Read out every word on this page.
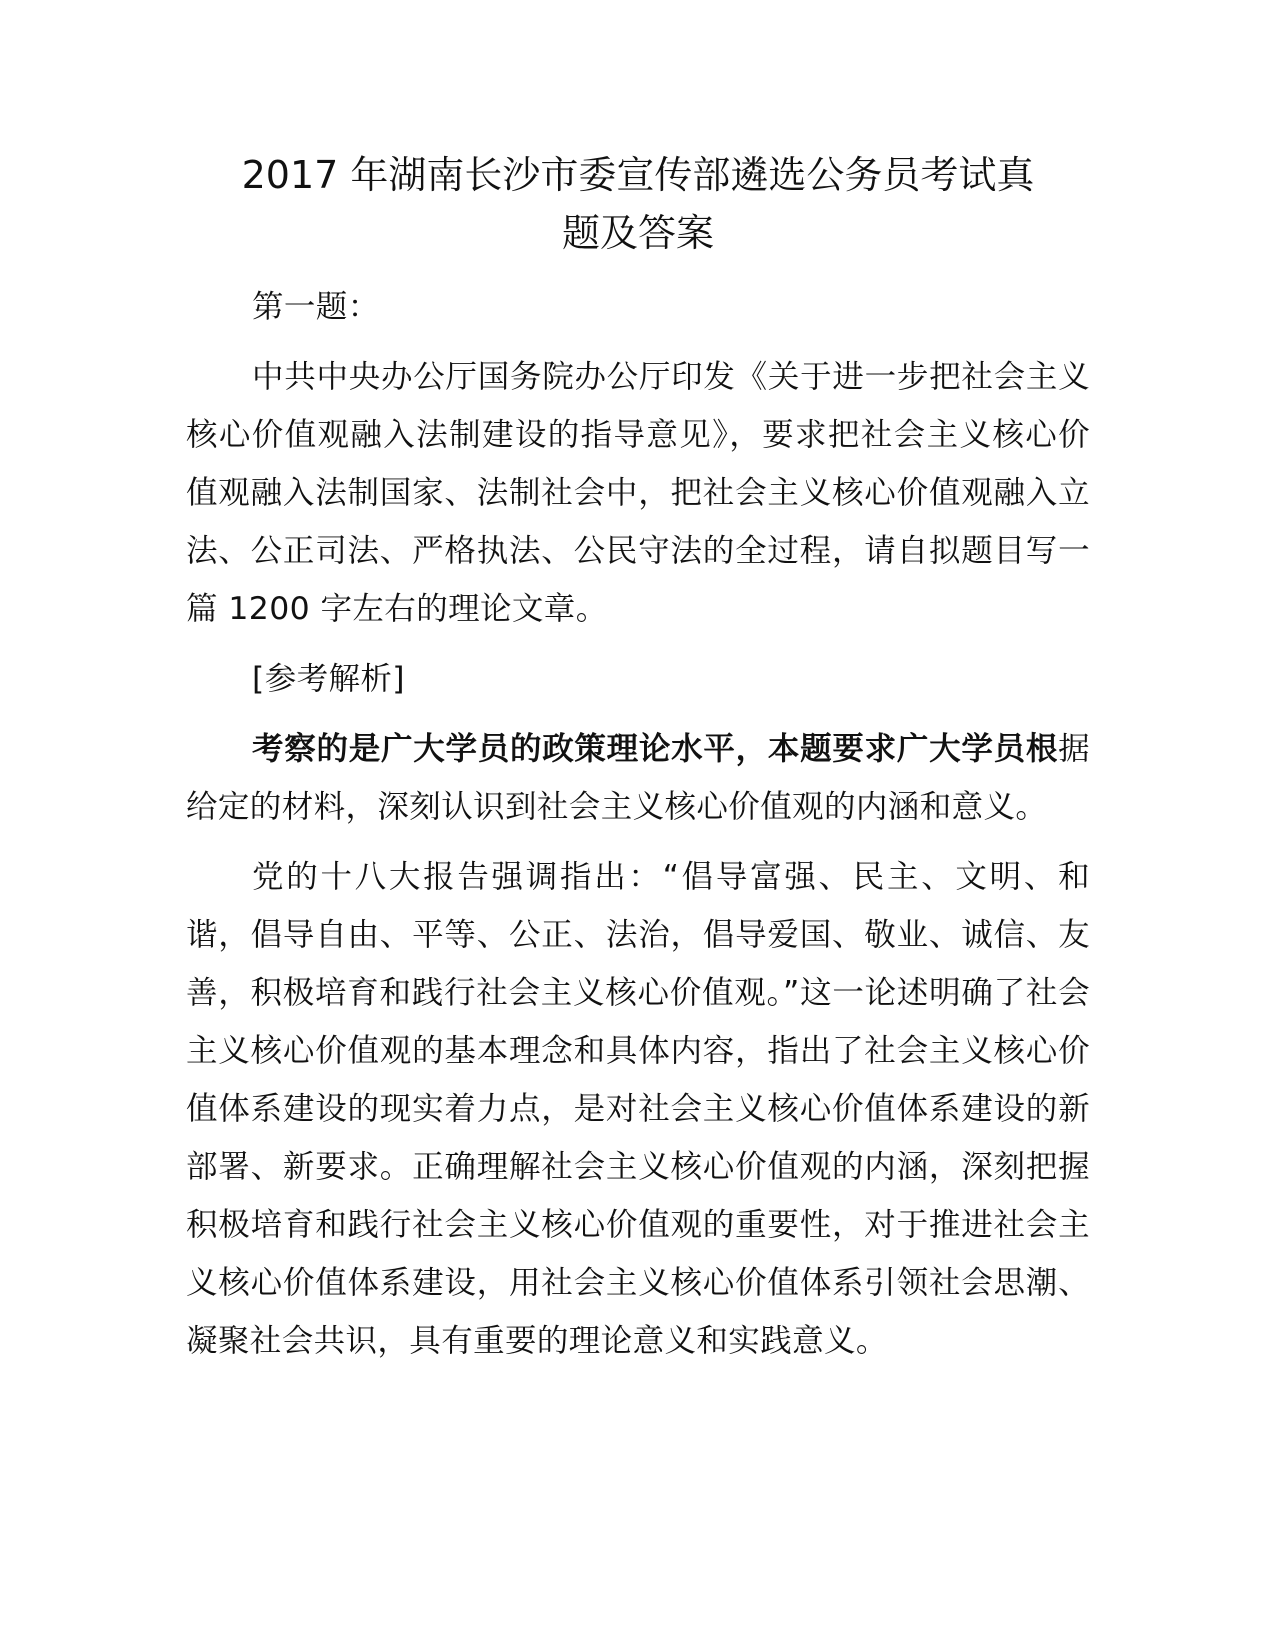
2017 年湖南长沙市委宣传部遴选公务员考试真
题及答案

第一题：

中共中央办公厅国务院办公厅印发《关于进一步把社会主义核心价值观融入法制建设的指导意见》，要求把社会主义核心价值观融入法制国家、法制社会中，把社会主义核心价值观融入立法、公正司法、严格执法、公民守法的全过程，请自拟题目写一篇 1200 字左右的理论文章。

[参考解析]

考察的是广大学员的政策理论水平，本题要求广大学员根据给定的材料，深刻认识到社会主义核心价值观的内涵和意义。

党的十八大报告强调指出：“倡导富强、民主、文明、和谐，倡导自由、平等、公正、法治，倡导爱国、敬业、诚信、友善，积极培育和践行社会主义核心价值观。”这一论述明确了社会主义核心价值观的基本理念和具体内容，指出了社会主义核心价值体系建设的现实着力点，是对社会主义核心价值体系建设的新部署、新要求。正确理解社会主义核心价值观的内涵，深刻把握积极培育和践行社会主义核心价值观的重要性，对于推进社会主义核心价值体系建设，用社会主义核心价值体系引领社会思潮、凝聚社会共识，具有重要的理论意义和实践意义。
